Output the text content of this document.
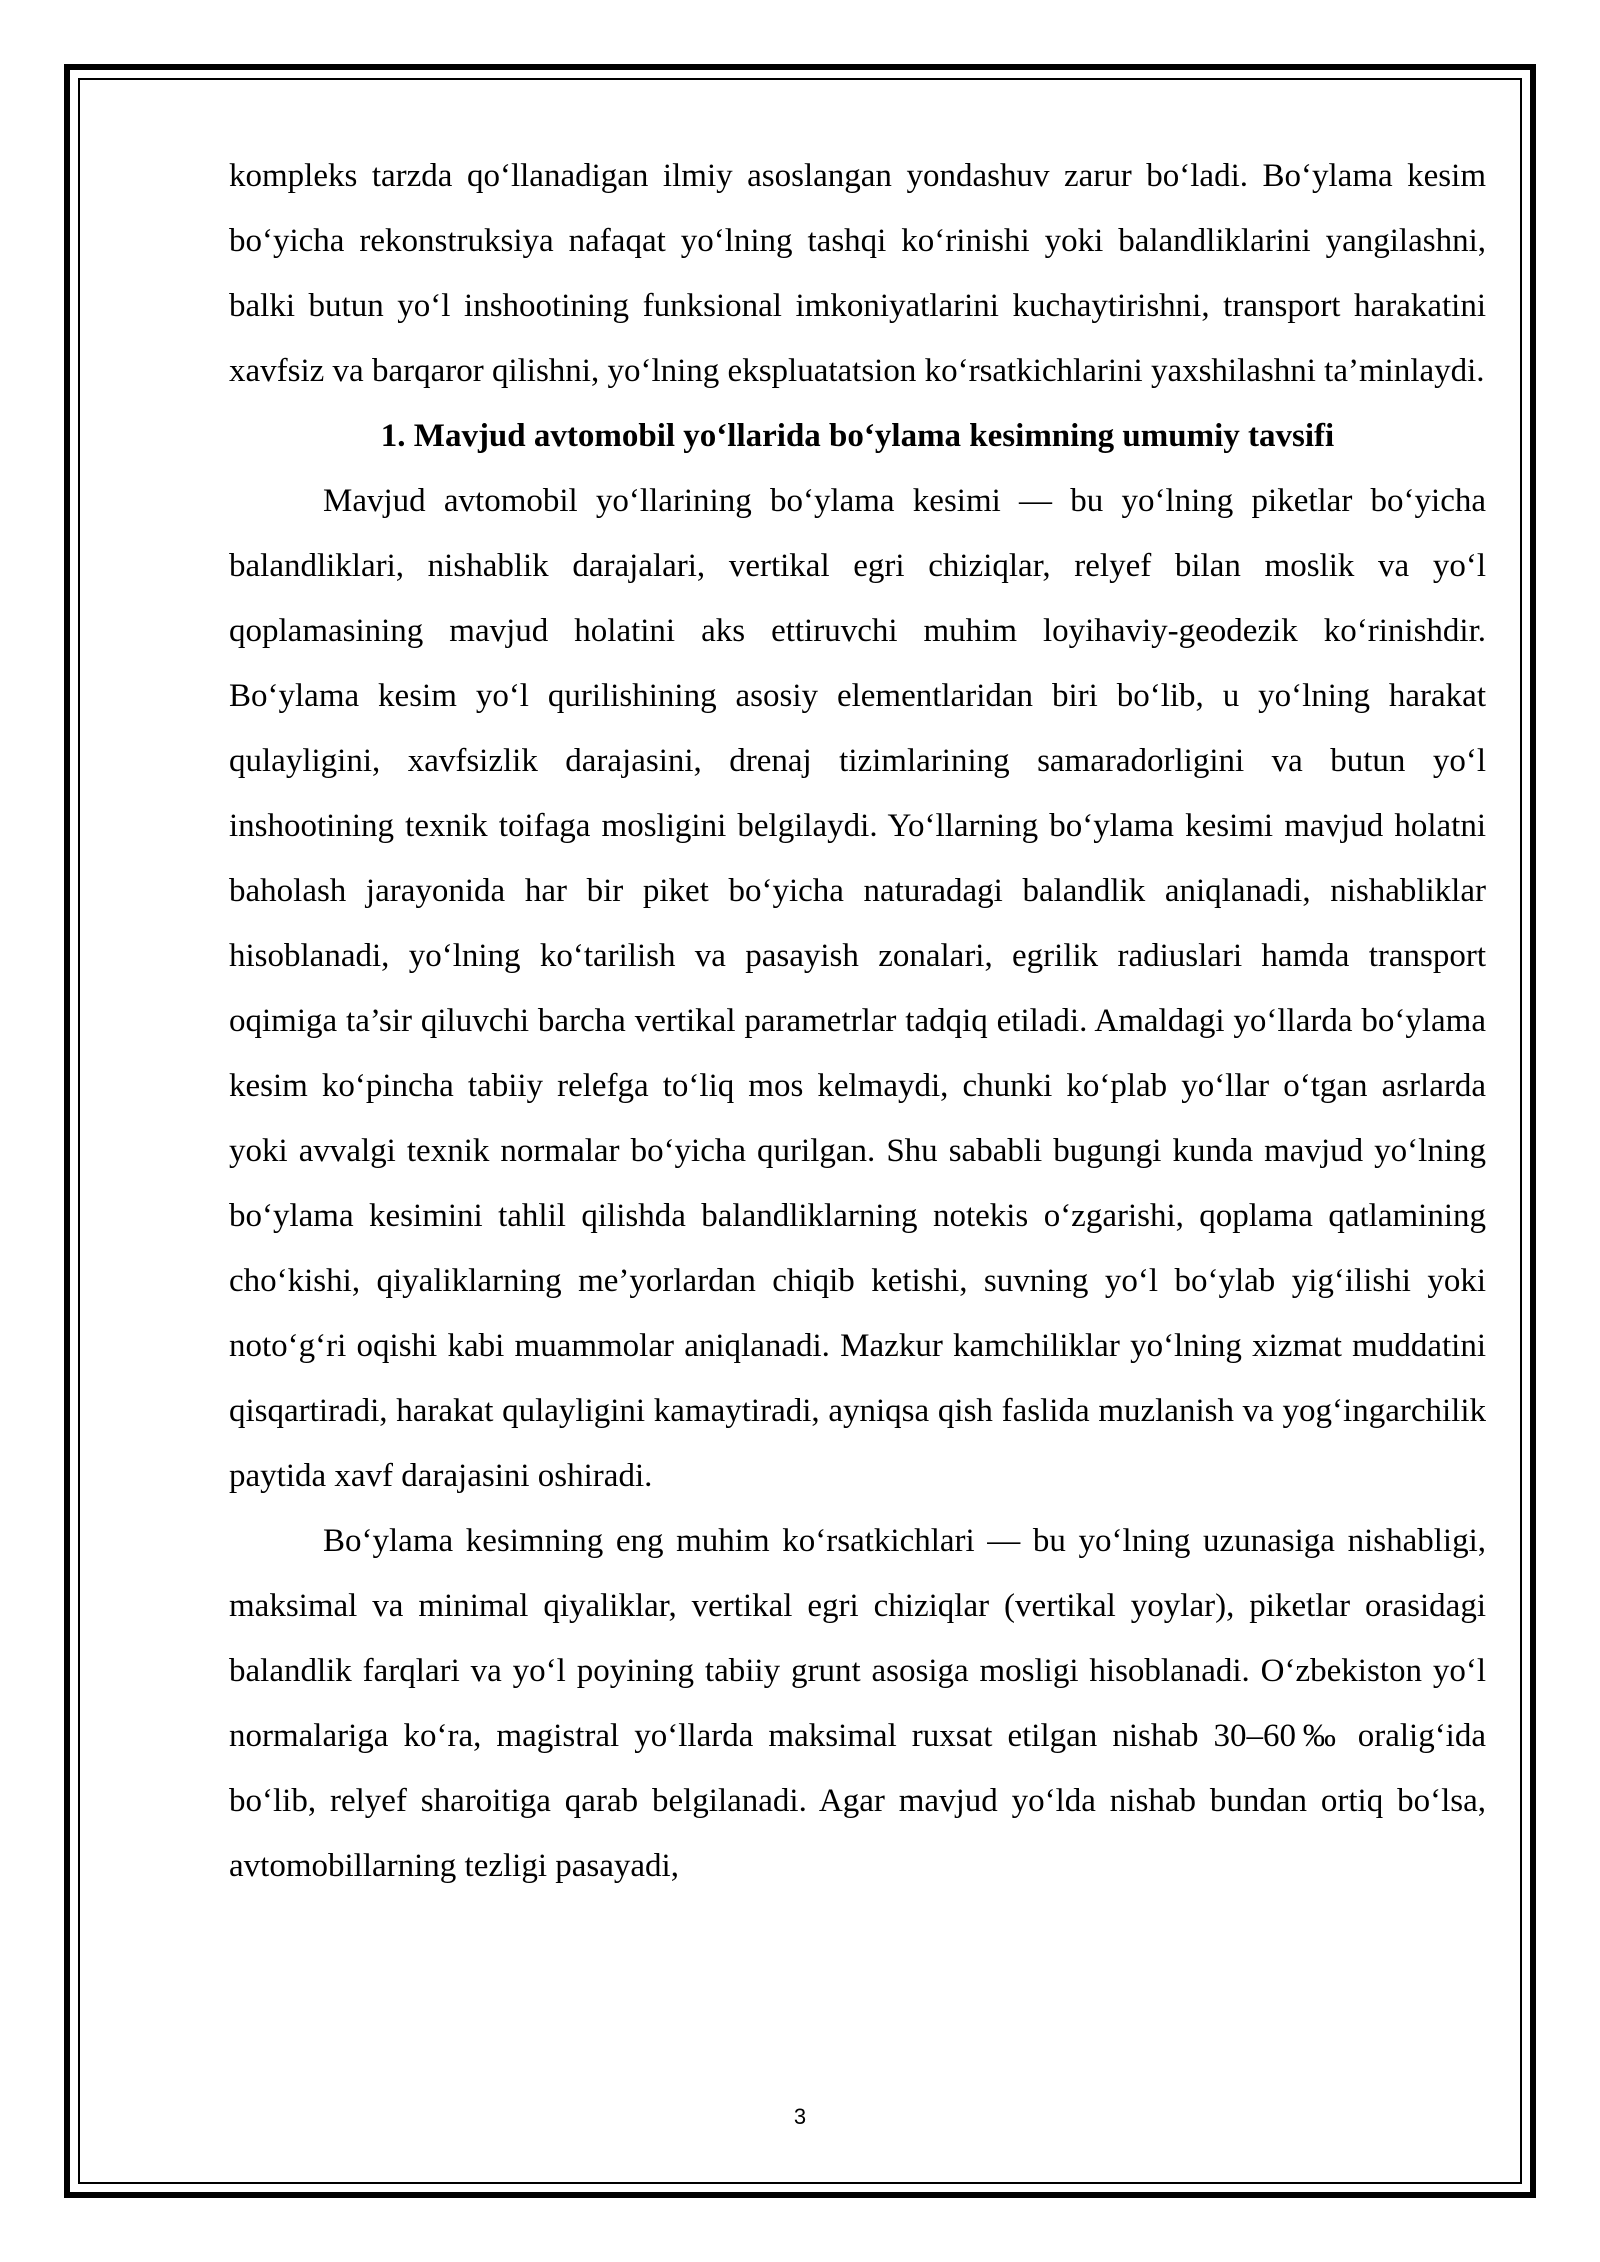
kompleks tarzda qo‘llanadigan ilmiy asoslangan yondashuv zarur bo‘ladi. Bo‘ylama kesim bo‘yicha rekonstruksiya nafaqat yo‘lning tashqi ko‘rinishi yoki balandliklarini yangilashni, balki butun yo‘l inshootining funksional imkoniyatlarini kuchaytirishni, transport harakatini xavfsiz va barqaror qilishni, yo‘lning ekspluatatsion ko‘rsatkichlarini yaxshilashni ta’minlaydi.

1. Mavjud avtomobil yo‘llarida bo‘ylama kesimning umumiy tavsifi

Mavjud avtomobil yo‘llarining bo‘ylama kesimi — bu yo‘lning piketlar bo‘yicha balandliklari, nishablik darajalari, vertikal egri chiziqlar, relyef bilan moslik va yo‘l qoplamasining mavjud holatini aks ettiruvchi muhim loyihaviy-geodezik ko‘rinishdir. Bo‘ylama kesim yo‘l qurilishining asosiy elementlaridan biri bo‘lib, u yo‘lning harakat qulayligini, xavfsizlik darajasini, drenaj tizimlarining samaradorligini va butun yo‘l inshootining texnik toifaga mosligini belgilaydi. Yo‘llarning bo‘ylama kesimi mavjud holatni baholash jarayonida har bir piket bo‘yicha naturadagi balandlik aniqlanadi, nishabliklar hisoblanadi, yo‘lning ko‘tarilish va pasayish zonalari, egrilik radiuslari hamda transport oqimiga ta’sir qiluvchi barcha vertikal parametrlar tadqiq etiladi. Amaldagi yo‘llarda bo‘ylama kesim ko‘pincha tabiiy relefga to‘liq mos kelmaydi, chunki ko‘plab yo‘llar o‘tgan asrlarda yoki avvalgi texnik normalar bo‘yicha qurilgan. Shu sababli bugungi kunda mavjud yo‘lning bo‘ylama kesimini tahlil qilishda balandliklarning notekis o‘zgarishi, qoplama qatlamining cho‘kishi, qiyaliklarning me’yorlardan chiqib ketishi, suvning yo‘l bo‘ylab yig‘ilishi yoki noto‘g‘ri oqishi kabi muammolar aniqlanadi. Mazkur kamchiliklar yo‘lning xizmat muddatini qisqartiradi, harakat qulayligini kamaytiradi, ayniqsa qish faslida muzlanish va yog‘ingarchilik paytida xavf darajasini oshiradi.

Bo‘ylama kesimning eng muhim ko‘rsatkichlari — bu yo‘lning uzunasiga nishabligi, maksimal va minimal qiyaliklar, vertikal egri chiziqlar (vertikal yoylar), piketlar orasidagi balandlik farqlari va yo‘l poyining tabiiy grunt asosiga mosligi hisoblanadi. O‘zbekiston yo‘l normalariga ko‘ra, magistral yo‘llarda maksimal ruxsat etilgan nishab 30–60‰ oralig‘ida bo‘lib, relyef sharoitiga qarab belgilanadi. Agar mavjud yo‘lda nishab bundan ortiq bo‘lsa, avtomobillarning tezligi pasayadi,

3
